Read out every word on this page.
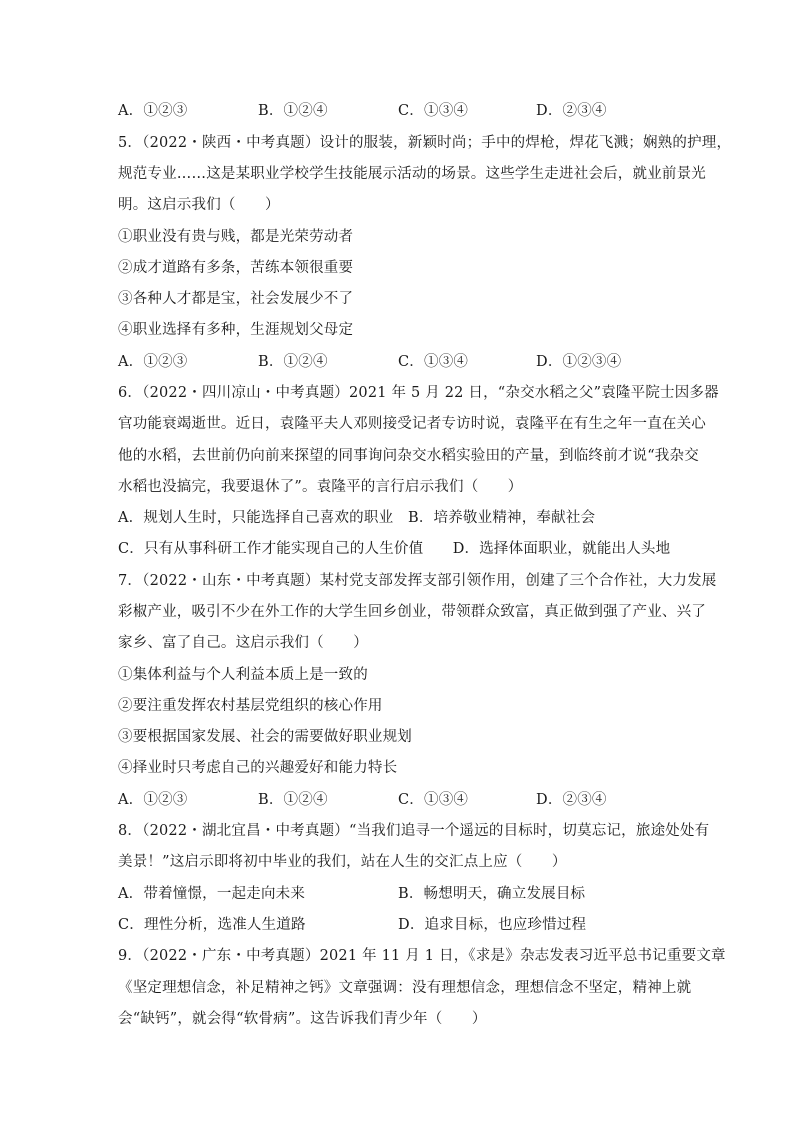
A．①②③	B．①②④	C．①③④	D．②③④
5．（2022・陕西・中考真题）设计的服装，新颖时尚；手中的焊枪，焊花飞溅；娴熟的护理，
规范专业……这是某职业学校学生技能展示活动的场景。这些学生走进社会后，就业前景光
明。这启示我们（　　）
①职业没有贵与贱，都是光荣劳动者
②成才道路有多条，苦练本领很重要
③各种人才都是宝，社会发展少不了
④职业选择有多种，生涯规划父母定
A．①②③	B．①②④	C．①③④	D．①②③④
6．（2022・四川凉山・中考真题）2021 年 5 月 22 日，“杂交水稻之父”袁隆平院士因多器
官功能衰竭逝世。近日，袁隆平夫人邓则接受记者专访时说，袁隆平在有生之年一直在关心
他的水稻，去世前仍向前来探望的同事询问杂交水稻实验田的产量，到临终前才说“我杂交
水稻也没搞完，我要退休了”。袁隆平的言行启示我们（　　）
A．规划人生时，只能选择自己喜欢的职业　B．培养敬业精神，奉献社会
C．只有从事科研工作才能实现自己的人生价值　　D．选择体面职业，就能出人头地
7．（2022・山东・中考真题）某村党支部发挥支部引领作用，创建了三个合作社，大力发展
彩椒产业，吸引不少在外工作的大学生回乡创业，带领群众致富，真正做到强了产业、兴了
家乡、富了自己。这启示我们（　　）
①集体利益与个人利益本质上是一致的
②要注重发挥农村基层党组织的核心作用
③要根据国家发展、社会的需要做好职业规划
④择业时只考虑自己的兴趣爱好和能力特长
A．①②③	B．①②④	C．①③④	D．②③④
8．（2022・湖北宜昌・中考真题）“当我们追寻一个遥远的目标时，切莫忘记，旅途处处有
美景！”这启示即将初中毕业的我们，站在人生的交汇点上应（　　）
A．带着憧憬，一起走向未来	B．畅想明天，确立发展目标
C．理性分析，选准人生道路	D．追求目标，也应珍惜过程
9．（2022・广东・中考真题）2021 年 11 月 1 日，《求是》杂志发表习近平总书记重要文章
《坚定理想信念，补足精神之钙》文章强调：没有理想信念，理想信念不坚定，精神上就
会“缺钙”，就会得“软骨病”。这告诉我们青少年（　　）
